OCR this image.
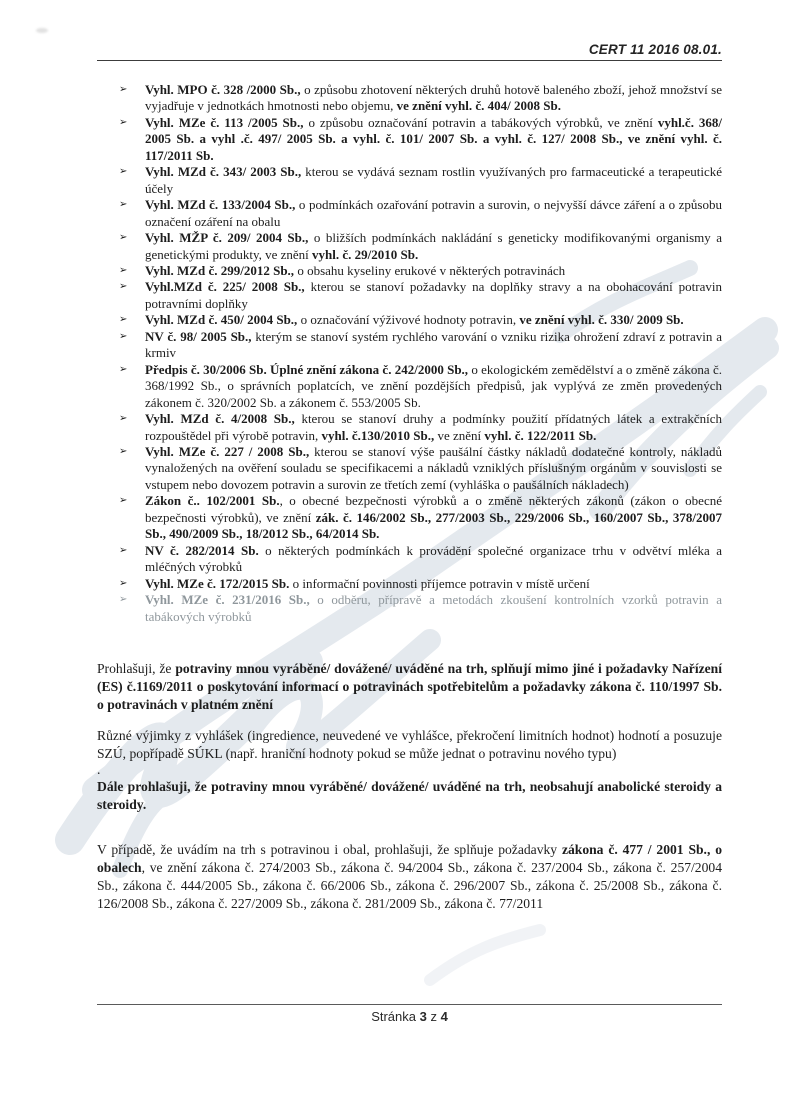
CERT 11 2016 08.01.
➢ Vyhl. MPO č. 328 /2000 Sb., o způsobu zhotovení některých druhů hotově baleného zboží, jehož množství se vyjadřuje v jednotkách hmotnosti nebo objemu, ve znění vyhl. č. 404/ 2008 Sb.
➢ Vyhl. MZe č. 113 /2005 Sb., o způsobu označování potravin a tabákových výrobků, ve znění vyhl.č. 368/ 2005 Sb. a vyhl .č. 497/ 2005 Sb. a vyhl. č. 101/ 2007 Sb. a vyhl. č. 127/ 2008 Sb., ve znění vyhl. č. 117/2011 Sb.
➢ Vyhl. MZd č. 343/ 2003 Sb., kterou se vydává seznam rostlin využívaných pro farmaceutické a terapeutické účely
➢ Vyhl. MZd č. 133/2004 Sb., o podmínkách ozařování potravin a surovin, o nejvyšší dávce záření a o způsobu označení ozáření na obalu
➢ Vyhl. MŽP č. 209/ 2004 Sb., o bližších podmínkách nakládání s geneticky modifikovanými organismy a genetickými produkty, ve znění vyhl. č. 29/2010 Sb.
➢ Vyhl. MZd č. 299/2012 Sb., o obsahu kyseliny erukové v některých potravinách
➢ Vyhl.MZd č. 225/ 2008 Sb., kterou se stanoví požadavky na doplňky stravy a na obohacování potravin potravními doplňky
➢ Vyhl. MZd č. 450/ 2004 Sb., o označování výživové hodnoty potravin, ve znění vyhl. č. 330/ 2009 Sb.
➢ NV č. 98/ 2005 Sb., kterým se stanoví systém rychlého varování o vzniku rizika ohrožení zdraví z potravin a krmiv
➢ Předpis č. 30/2006 Sb. Úplné znění zákona č. 242/2000 Sb., o ekologickém zemědělství a o změně zákona č. 368/1992 Sb., o správních poplatcích, ve znění pozdějších předpisů, jak vyplývá ze změn provedených zákonem č. 320/2002 Sb. a zákonem č. 553/2005 Sb.
➢ Vyhl. MZd č. 4/2008 Sb., kterou se stanoví druhy a podmínky použití přídatných látek a extrakčních rozpouštědel při výrobě potravin, vyhl. č.130/2010 Sb., ve znění vyhl. č. 122/2011 Sb.
➢ Vyhl. MZe č. 227 / 2008 Sb., kterou se stanoví výše paušální částky nákladů dodatečné kontroly, nákladů vynaložených na ověření souladu se specifikacemi a nákladů vzniklých příslušným orgánům v souvislosti se vstupem nebo dovozem potravin a surovin ze třetích zemí (vyhláška o paušálních nákladech)
➢ Zákon č.. 102/2001 Sb., o obecné bezpečnosti výrobků a o změně některých zákonů (zákon o obecné bezpečnosti výrobků), ve znění zák. č. 146/2002 Sb., 277/2003 Sb., 229/2006 Sb., 160/2007 Sb., 378/2007 Sb., 490/2009 Sb., 18/2012 Sb., 64/2014 Sb.
➢ NV č. 282/2014 Sb. o některých podmínkách k provádění společné organizace trhu v odvětví mléka a mléčných výrobků
➢ Vyhl. MZe č. 172/2015 Sb. o informační povinnosti příjemce potravin v místě určení
➢ Vyhl. MZe č. 231/2016 Sb., o odběru, přípravě a metodách zkoušení kontrolních vzorků potravin a tabákových výrobků

Prohlašuji, že potraviny mnou vyráběné/ dovážené/ uváděné na trh, splňují mimo jiné i požadavky Nařízení (ES) č.1169/2011 o poskytování informací o potravinách spotřebitelům a požadavky zákona č. 110/1997 Sb. o potravinách v platném znění

Různé výjimky z vyhlášek (ingredience, neuvedené ve vyhlášce, překročení limitních hodnot) hodnotí a posuzuje SZÚ, popřípadě SÚKL (např. hraniční hodnoty pokud se může jednat o potravinu nového typu)

.

Dále prohlašuji, že potraviny mnou vyráběné/ dovážené/ uváděné na trh, neobsahují anabolické steroidy a steroidy.

V případě, že uvádím na trh s potravinou i obal, prohlašuji, že splňuje požadavky zákona č. 477 / 2001 Sb., o obalech, ve znění zákona č. 274/2003 Sb., zákona č. 94/2004 Sb., zákona č. 237/2004 Sb., zákona č. 257/2004 Sb., zákona č. 444/2005 Sb., zákona č. 66/2006 Sb., zákona č. 296/2007 Sb., zákona č. 25/2008 Sb., zákona č. 126/2008 Sb., zákona č. 227/2009 Sb., zákona č. 281/2009 Sb., zákona č. 77/2011

Stránka 3 z 4
